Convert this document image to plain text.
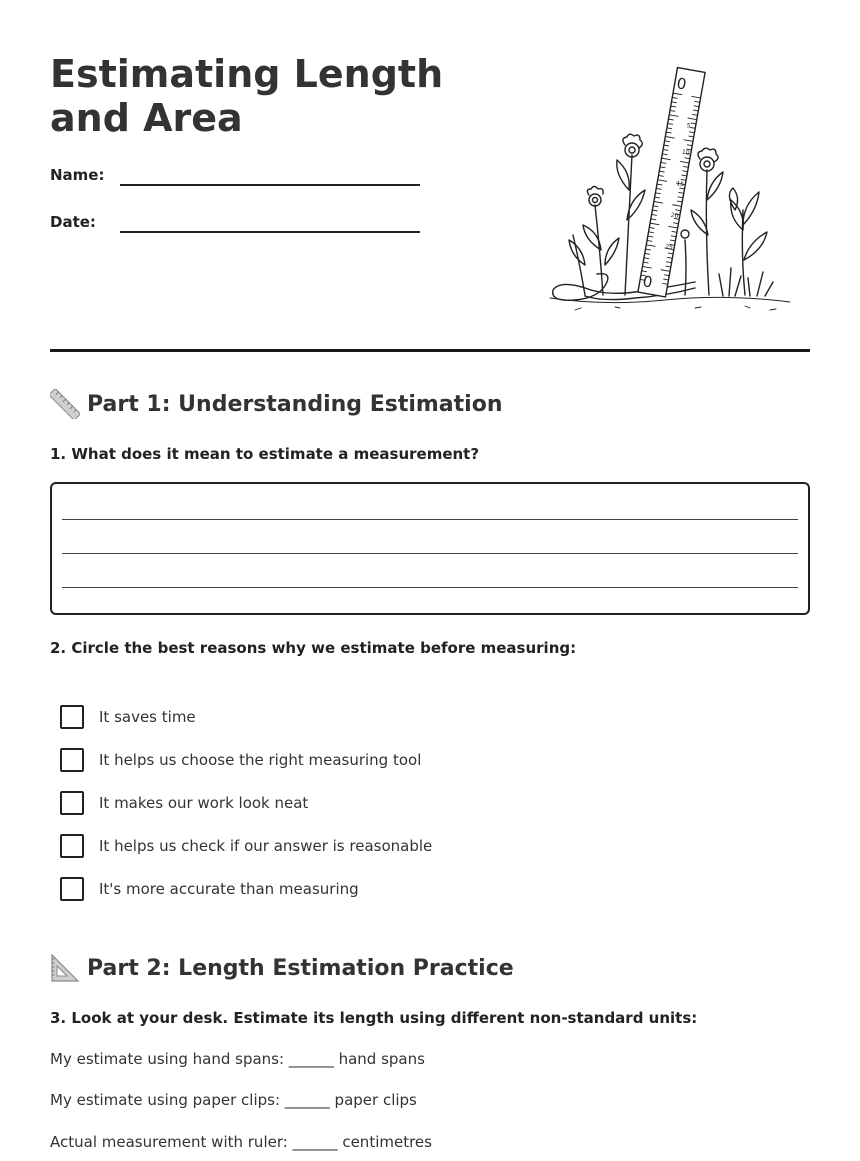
Estimating Length and Area
Name:
Date:
0
0
5
10
15
20
25
Part 1: Understanding Estimation
1. What does it mean to estimate a measurement?
2. Circle the best reasons why we estimate before measuring:
It saves time
It helps us choose the right measuring tool
It makes our work look neat
It helps us check if our answer is reasonable
It's more accurate than measuring
Part 2: Length Estimation Practice
3. Look at your desk. Estimate its length using different non-standard units:
My estimate using hand spans: ______ hand spans
My estimate using paper clips: ______ paper clips
Actual measurement with ruler: ______ centimetres
